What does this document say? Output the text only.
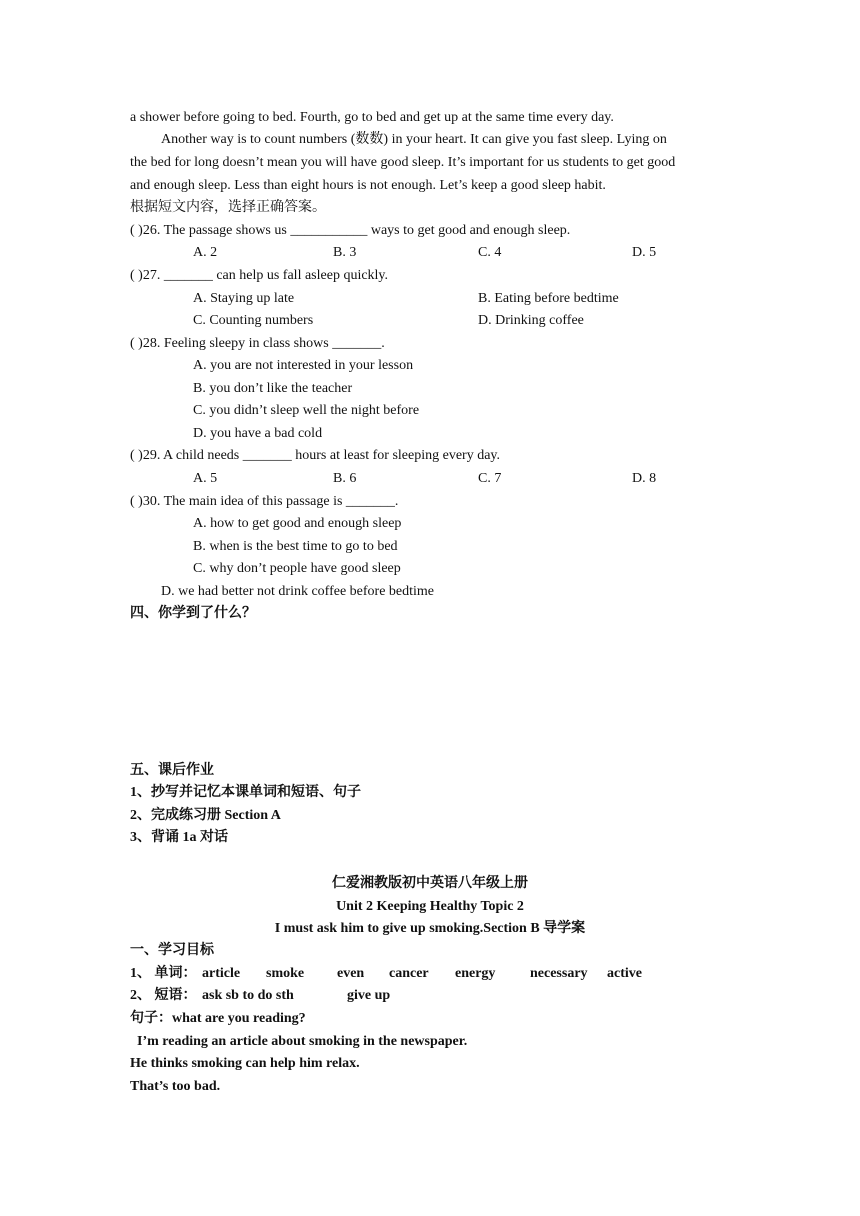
a shower before going to bed. Fourth, go to bed and get up at the same time every day.
Another way is to count numbers (数数) in your heart. It can give you fast sleep. Lying on
the bed for long doesn’t mean you will have good sleep. It’s important for us students to get good
and enough sleep. Less than eight hours is not enough. Let’s keep a good sleep habit.
根据短文内容，选择正确答案。
( )26. The passage shows us ___________ ways to get good and enough sleep.
A. 2	B. 3	C. 4	D. 5
( )27. _______ can help us fall asleep quickly.
A. Staying up late	B. Eating before bedtime
C. Counting numbers	D. Drinking coffee
( )28. Feeling sleepy in class shows _______.
A. you are not interested in your lesson
B. you don’t like the teacher
C. you didn’t sleep well the night before
D. you have a bad cold
( )29. A child needs _______ hours at least for sleeping every day.
A. 5	B. 6	C. 7	D. 8
( )30. The main idea of this passage is _______.
A. how to get good and enough sleep
B. when is the best time to go to bed
C. why don’t people have good sleep
D. we had better not drink coffee before bedtime
四、你学到了什么？
五、课后作业
1、抄写并记忆本课单词和短语、句子
2、完成练习册 Section A
3、背诵 1a 对话
仁爱湘教版初中英语八年级上册
Unit 2 Keeping Healthy Topic 2
I must ask him to give up smoking.Section B 导学案
一、学习目标
1、 单词： article smoke even cancer energy necessary active
2、 短语： ask sb to do sth	give up
句子：what are you reading?
I’m reading an article about smoking in the newspaper.
He thinks smoking can help him relax.
That’s too bad.
